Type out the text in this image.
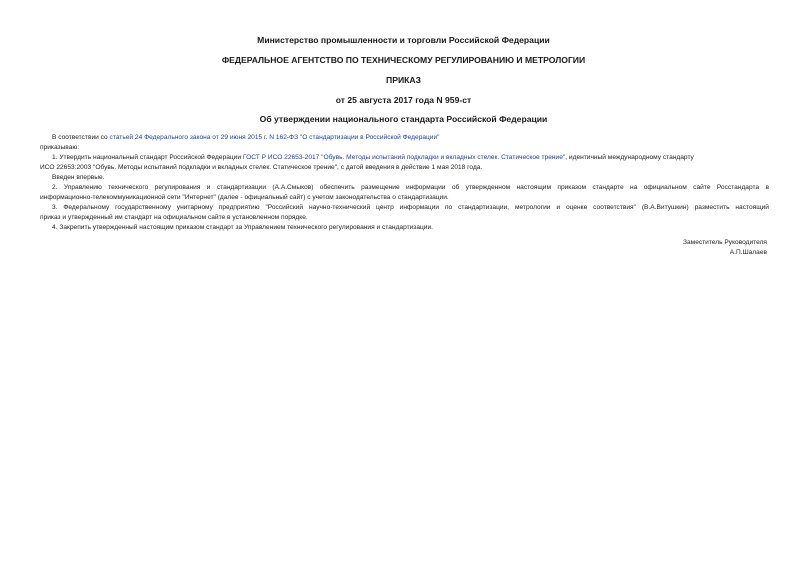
Министерство промышленности и торговли Российской Федерации
ФЕДЕРАЛЬНОЕ АГЕНТСТВО ПО ТЕХНИЧЕСКОМУ РЕГУЛИРОВАНИЮ И МЕТРОЛОГИИ
ПРИКАЗ
от 25 августа 2017 года N 959-ст
Об утверждении национального стандарта Российской Федерации
В соответствии со статьей 24 Федерального закона от 29 июня 2015 г. N 162-ФЗ "О стандартизации в Российской Федерации"
приказываю:
1. Утвердить национальный стандарт Российской Федерации ГОСТ Р ИСО 22653-2017 "Обувь. Методы испытаний подкладки и вкладных стелек. Статическое трение", идентичный международному стандарту
ИСО 22653:2003 "Обувь. Методы испытаний подкладки и вкладных стелек. Статическое трение", с датой введения в действие 1 мая 2018 года.
Введен впервые.
2. Управлению технического регулирования и стандартизации (А.А.Смыков) обеспечить размещение информации об утвержденном настоящим приказом стандарте на официальном сайте Росстандарта в
информационно-телекоммуникационной сети "Интернет" (далее - официальный сайт) с учетом законодательства о стандартизации.
3. Федеральному государственному унитарному предприятию "Российский научно-технический центр информации по стандартизации, метрологии и оценке соответствия" (В.А.Витушкин) разместить настоящий
приказ и утвержденный им стандарт на официальном сайте в установленном порядке.
4. Закрепить утвержденный настоящим приказом стандарт за Управлением технического регулирования и стандартизации.
Заместитель Руководителя
А.П.Шалаев
